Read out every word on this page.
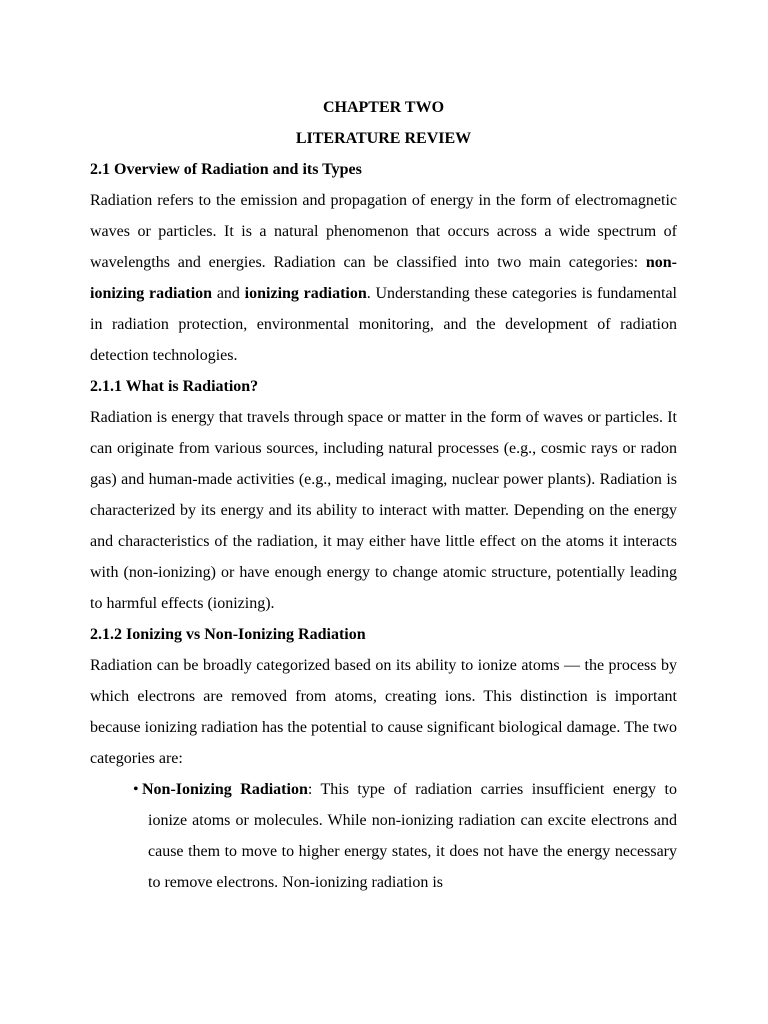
CHAPTER TWO

LITERATURE REVIEW

2.1 Overview of Radiation and its Types

Radiation refers to the emission and propagation of energy in the form of electromagnetic waves or particles. It is a natural phenomenon that occurs across a wide spectrum of wavelengths and energies. Radiation can be classified into two main categories: non-ionizing radiation and ionizing radiation. Understanding these categories is fundamental in radiation protection, environmental monitoring, and the development of radiation detection technologies.

2.1.1 What is Radiation?

Radiation is energy that travels through space or matter in the form of waves or particles. It can originate from various sources, including natural processes (e.g., cosmic rays or radon gas) and human-made activities (e.g., medical imaging, nuclear power plants). Radiation is characterized by its energy and its ability to interact with matter. Depending on the energy and characteristics of the radiation, it may either have little effect on the atoms it interacts with (non-ionizing) or have enough energy to change atomic structure, potentially leading to harmful effects (ionizing).

2.1.2 Ionizing vs Non-Ionizing Radiation

Radiation can be broadly categorized based on its ability to ionize atoms — the process by which electrons are removed from atoms, creating ions. This distinction is important because ionizing radiation has the potential to cause significant biological damage. The two categories are:

• Non-Ionizing Radiation: This type of radiation carries insufficient energy to ionize atoms or molecules. While non-ionizing radiation can excite electrons and cause them to move to higher energy states, it does not have the energy necessary to remove electrons. Non-ionizing radiation is
